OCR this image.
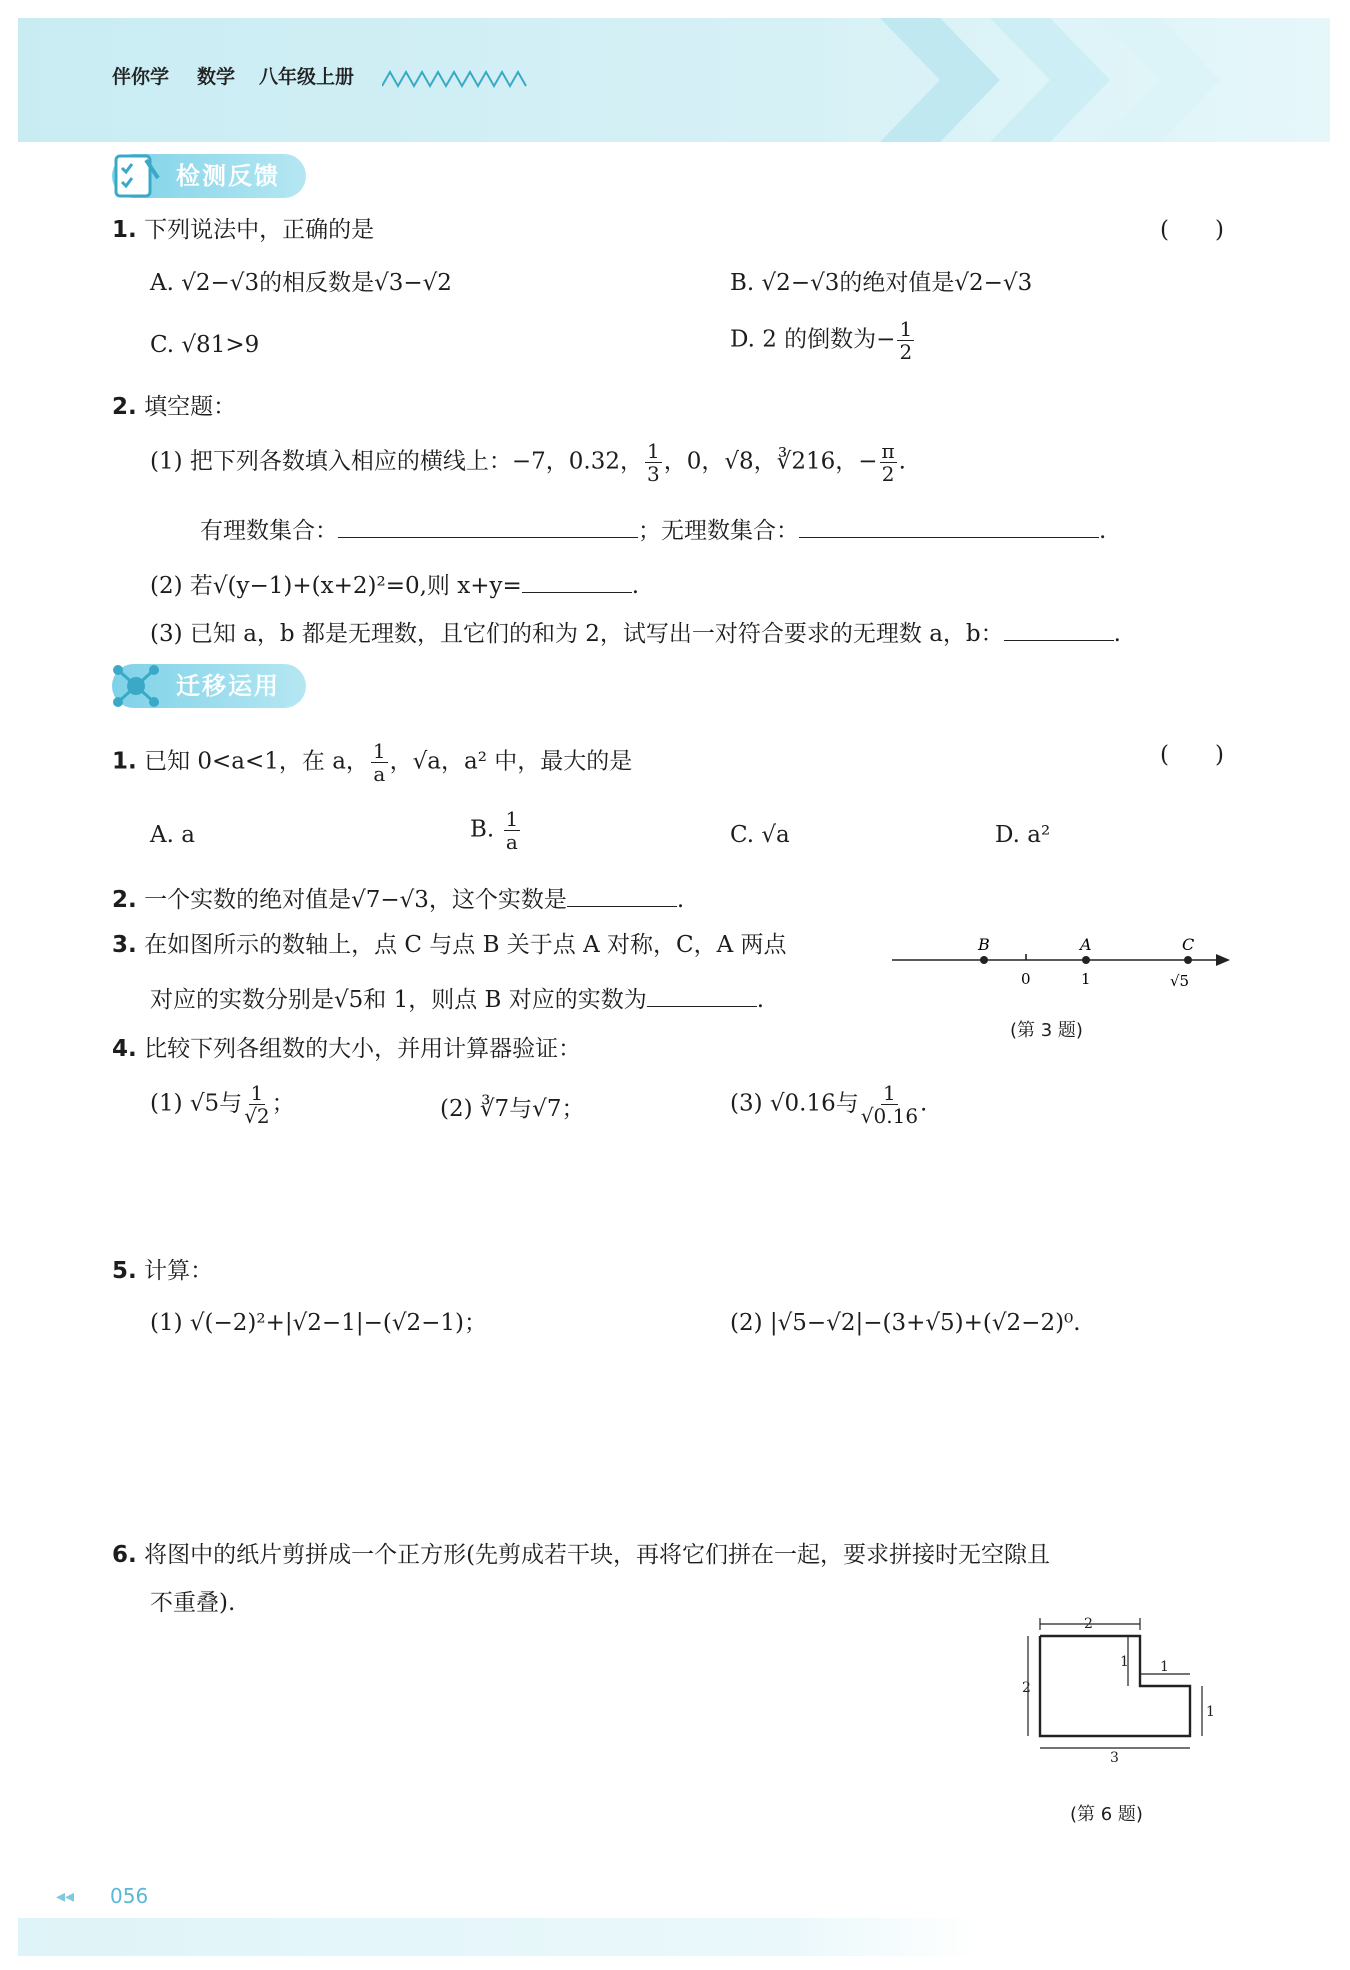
伴你学 数学 八年级上册
检测反馈
1. 下列说法中，正确的是	(　　)
A. √2−√3的相反数是√3−√2	B. √2−√3的绝对值是√2−√3
C. √81>9	D. 2 的倒数为− $\frac{1}{2}$
2. 填空题：
(1) 把下列各数填入相应的横线上：−7，0.32， $\frac{1}{3}$ ，0，√8，∛216，− $\frac{\pi}{2}$ .
有理数集合：	；无理数集合：	.
(2) 若√(y−1)+(x+2)²=0,则 x+y=	.
(3) 已知 a，b 都是无理数，且它们的和为 2，试写出一对符合要求的无理数 a，b：	.
迁移运用
1. 已知 0<a<1，在 a， $\frac{1}{a}$ ，√a，a² 中，最大的是	(　　)
A. a	B. $\frac{1}{a}$	C. √a	D. a²
2. 一个实数的绝对值是√7−√3，这个实数是	.
3. 在如图所示的数轴上，点 C 与点 B 关于点 A 对称，C，A 两点
对应的实数分别是√5和 1，则点 B 对应的实数为	.
B	A	C
0	1	√5
(第 3 题)
4. 比较下列各组数的大小，并用计算器验证：
(1) √5与 $\frac{1}{√2}$ ；	(2) ∛7与√7；	(3) √0.16与 $\frac{1}{√0.16}$ .
5. 计算：
(1) √(−2)²+|√2−1|−(√2−1)；	(2) |√5−√2|−(3+√5)+(√2−2)⁰.
6. 将图中的纸片剪拼成一个正方形(先剪成若干块，再将它们拼在一起，要求拼接时无空隙且
不重叠).
2
2
1 1
1
3
(第 6 题)
◂◂ 056
